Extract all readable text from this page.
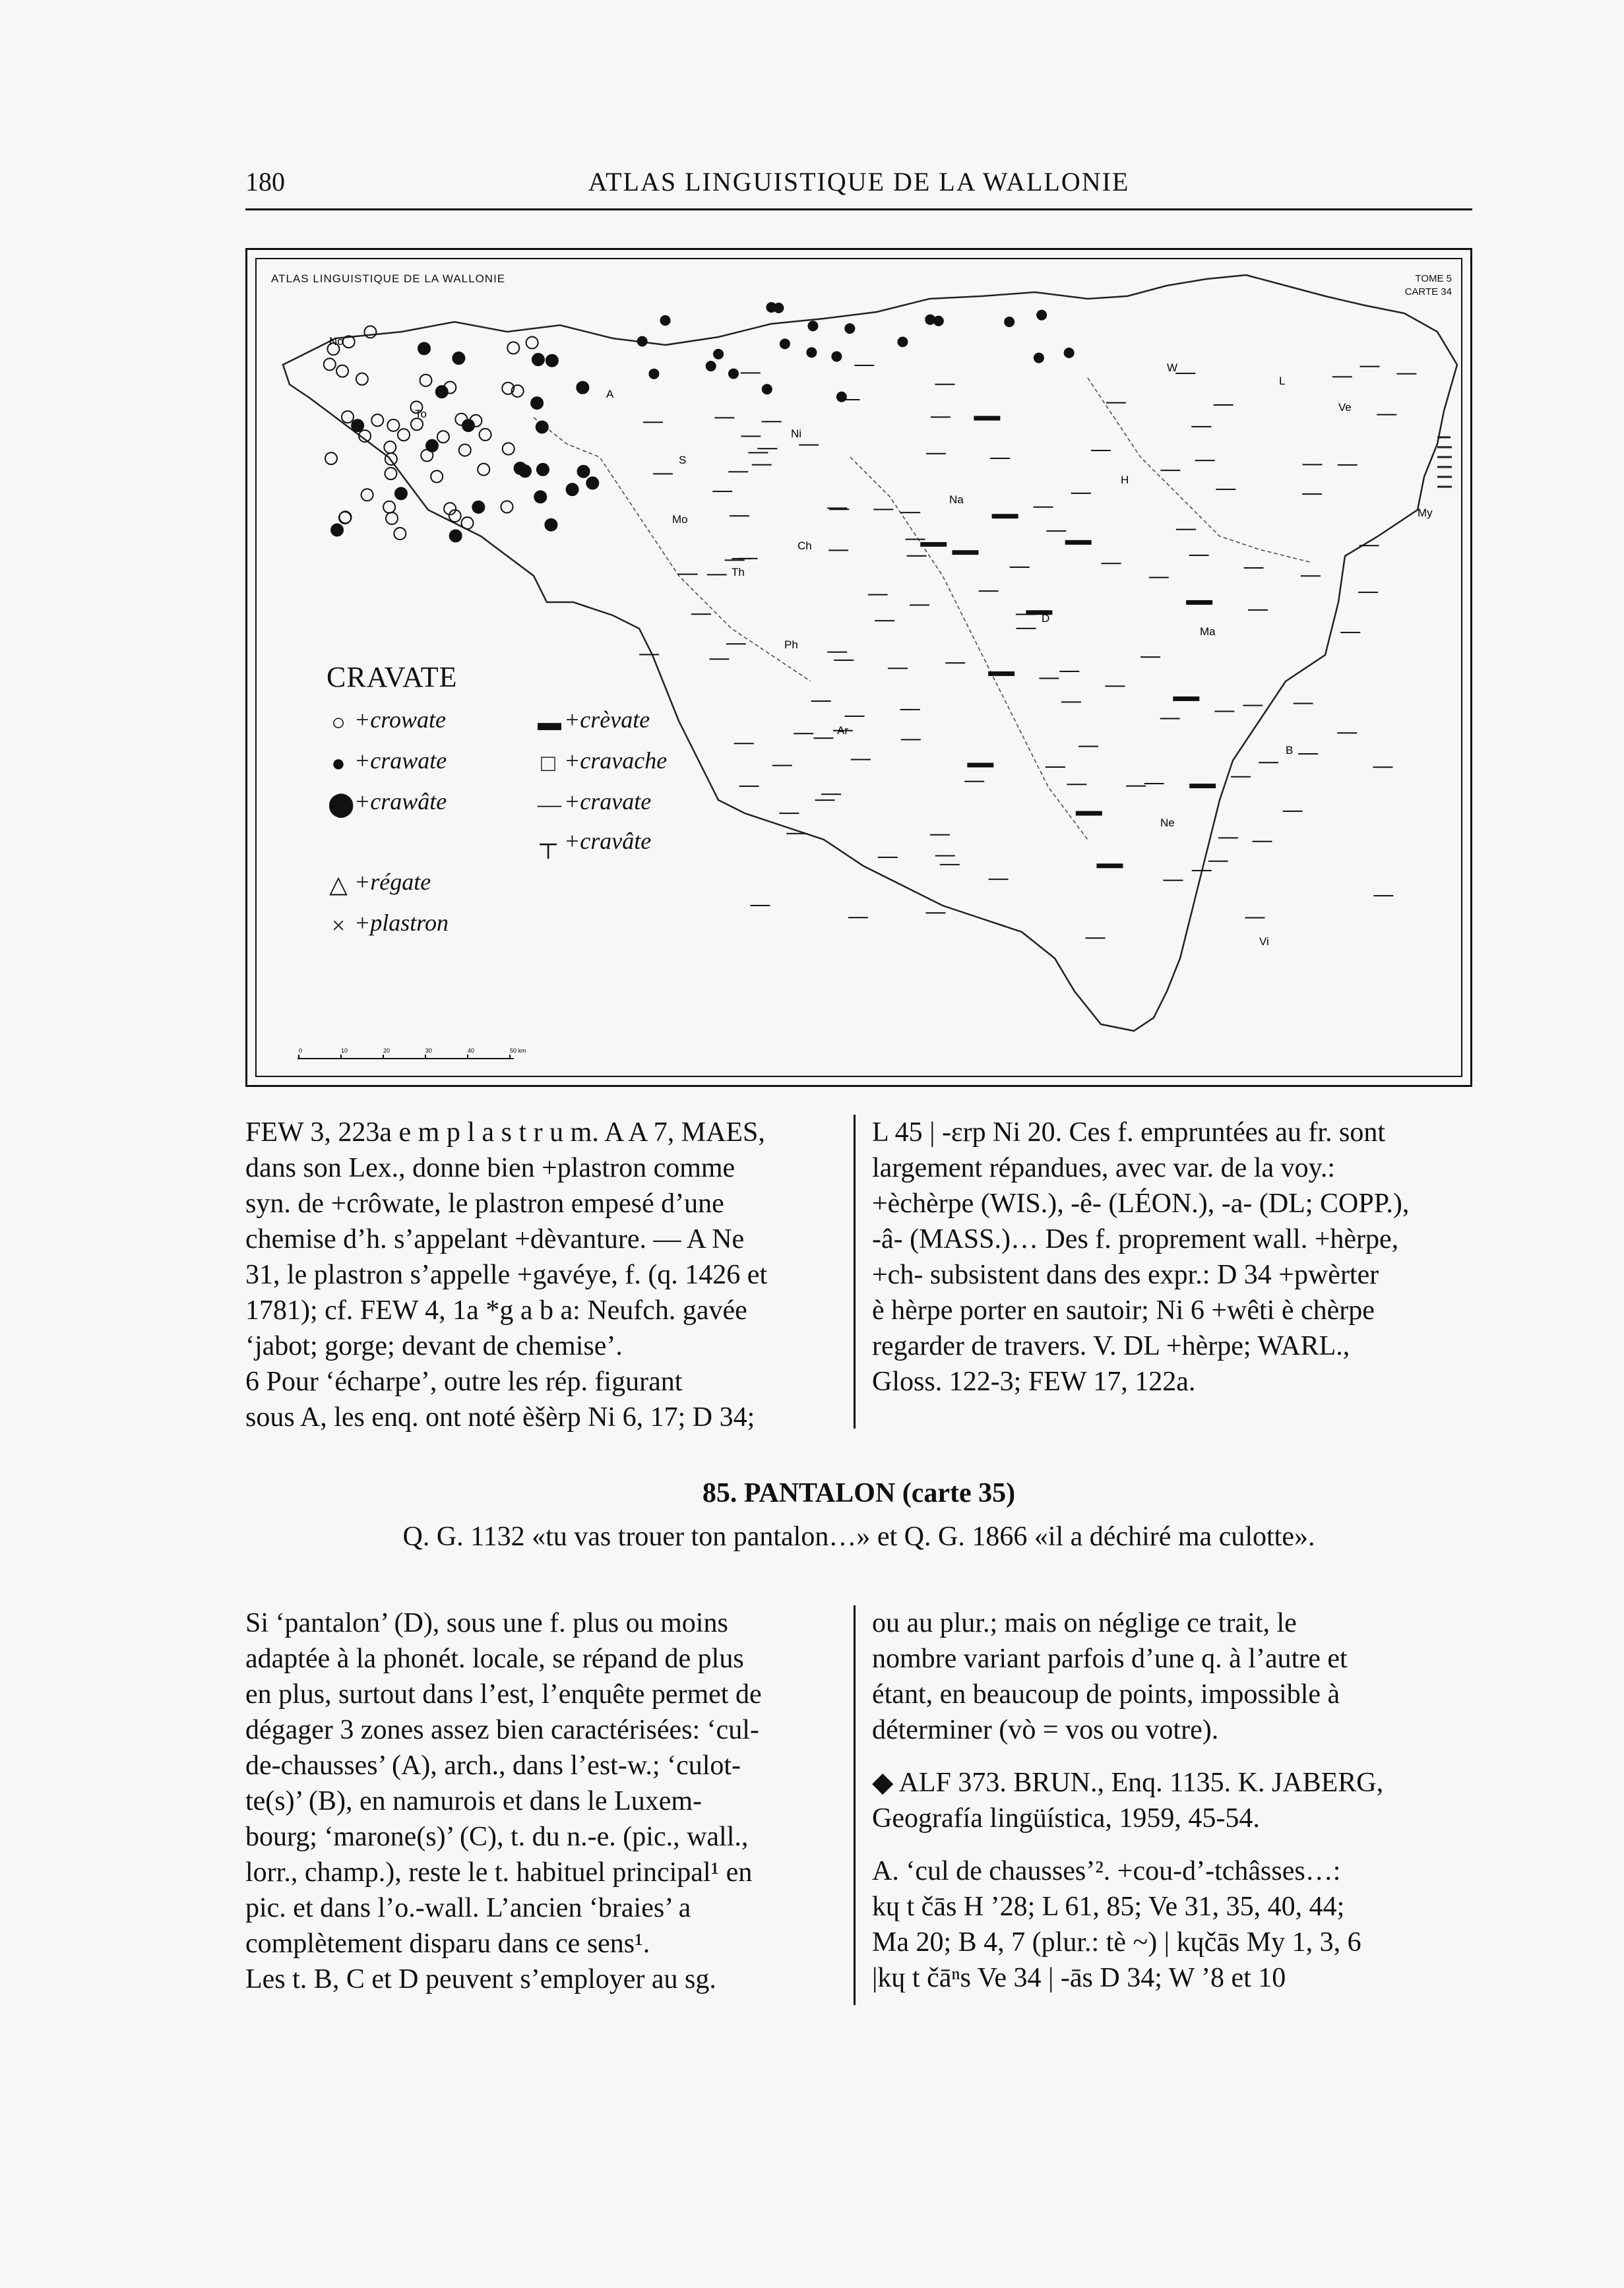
180	ATLAS LINGUISTIQUE DE LA WALLONIE
No
To
A
S
Mo
Th
Ch
Ni
Na
W
L
Ve
My
H
Ma
D
Ph
Ar
B
Ne
Vi
ATLAS LINGUISTIQUE DE LA WALLONIE	TOME 5
CARTE 34
CRAVATE
○ +crowate
● +crawate
⬤+crawâte
△ +régate
× +plastron
▬ +crèvate
□ +cravache
— +cravate
┬ +cravâte
0	10	20	30	40	50 km
FEW 3, 223a e m p l a s t r u m. A A 7, MAES,
dans son Lex., donne bien +plastron comme
syn. de +crôwate, le plastron empesé d’une
chemise d’h. s’appelant +dèvanture. — A Ne
31, le plastron s’appelle +gavéye, f. (q. 1426 et
1781); cf. FEW 4, 1a *g a b a: Neufch. gavée
‘jabot; gorge; devant de chemise’.
6 Pour ‘écharpe’, outre les rép. figurant
sous A, les enq. ont noté èšèrp Ni 6, 17; D 34;
L 45 | -ɛrp Ni 20. Ces f. empruntées au fr. sont
largement répandues, avec var. de la voy.:
+èchèrpe (WIS.), -ê- (LÉON.), -a- (DL; COPP.),
-â- (MASS.)… Des f. proprement wall. +hèrpe,
+ch- subsistent dans des expr.: D 34 +pwèrter
è hèrpe porter en sautoir; Ni 6 +wêti è chèrpe
regarder de travers. V. DL +hèrpe; WARL.,
Gloss. 122-3; FEW 17, 122a.
85. PANTALON (carte 35)
Q. G. 1132 «tu vas trouer ton pantalon…» et Q. G. 1866 «il a déchiré ma culotte».
Si ‘pantalon’ (D), sous une f. plus ou moins
adaptée à la phonét. locale, se répand de plus
en plus, surtout dans l’est, l’enquête permet de
dégager 3 zones assez bien caractérisées: ‘cul-
de-chausses’ (A), arch., dans l’est-w.; ‘culot-
te(s)’ (B), en namurois et dans le Luxem-
bourg; ‘marone(s)’ (C), t. du n.-e. (pic., wall.,
lorr., champ.), reste le t. habituel principal¹ en
pic. et dans l’o.-wall. L’ancien ‘braies’ a
complètement disparu dans ce sens¹.
Les t. B, C et D peuvent s’employer au sg.
ou au plur.; mais on néglige ce trait, le
nombre variant parfois d’une q. à l’autre et
étant, en beaucoup de points, impossible à
déterminer (vò = vos ou votre).
◆ ALF 373. BRUN., Enq. 1135. K. JABERG,
Geografía lingüística, 1959, 45-54.
A. ‘cul de chausses’². +cou-d’-tchâsses…:
kɥ t čās H ’28; L 61, 85; Ve 31, 35, 40, 44;
Ma 20; B 4, 7 (plur.: tè ~) | kɥčās My 1, 3, 6
|kɥ t čāⁿs Ve 34 | -ās D 34; W ’8 et 10
